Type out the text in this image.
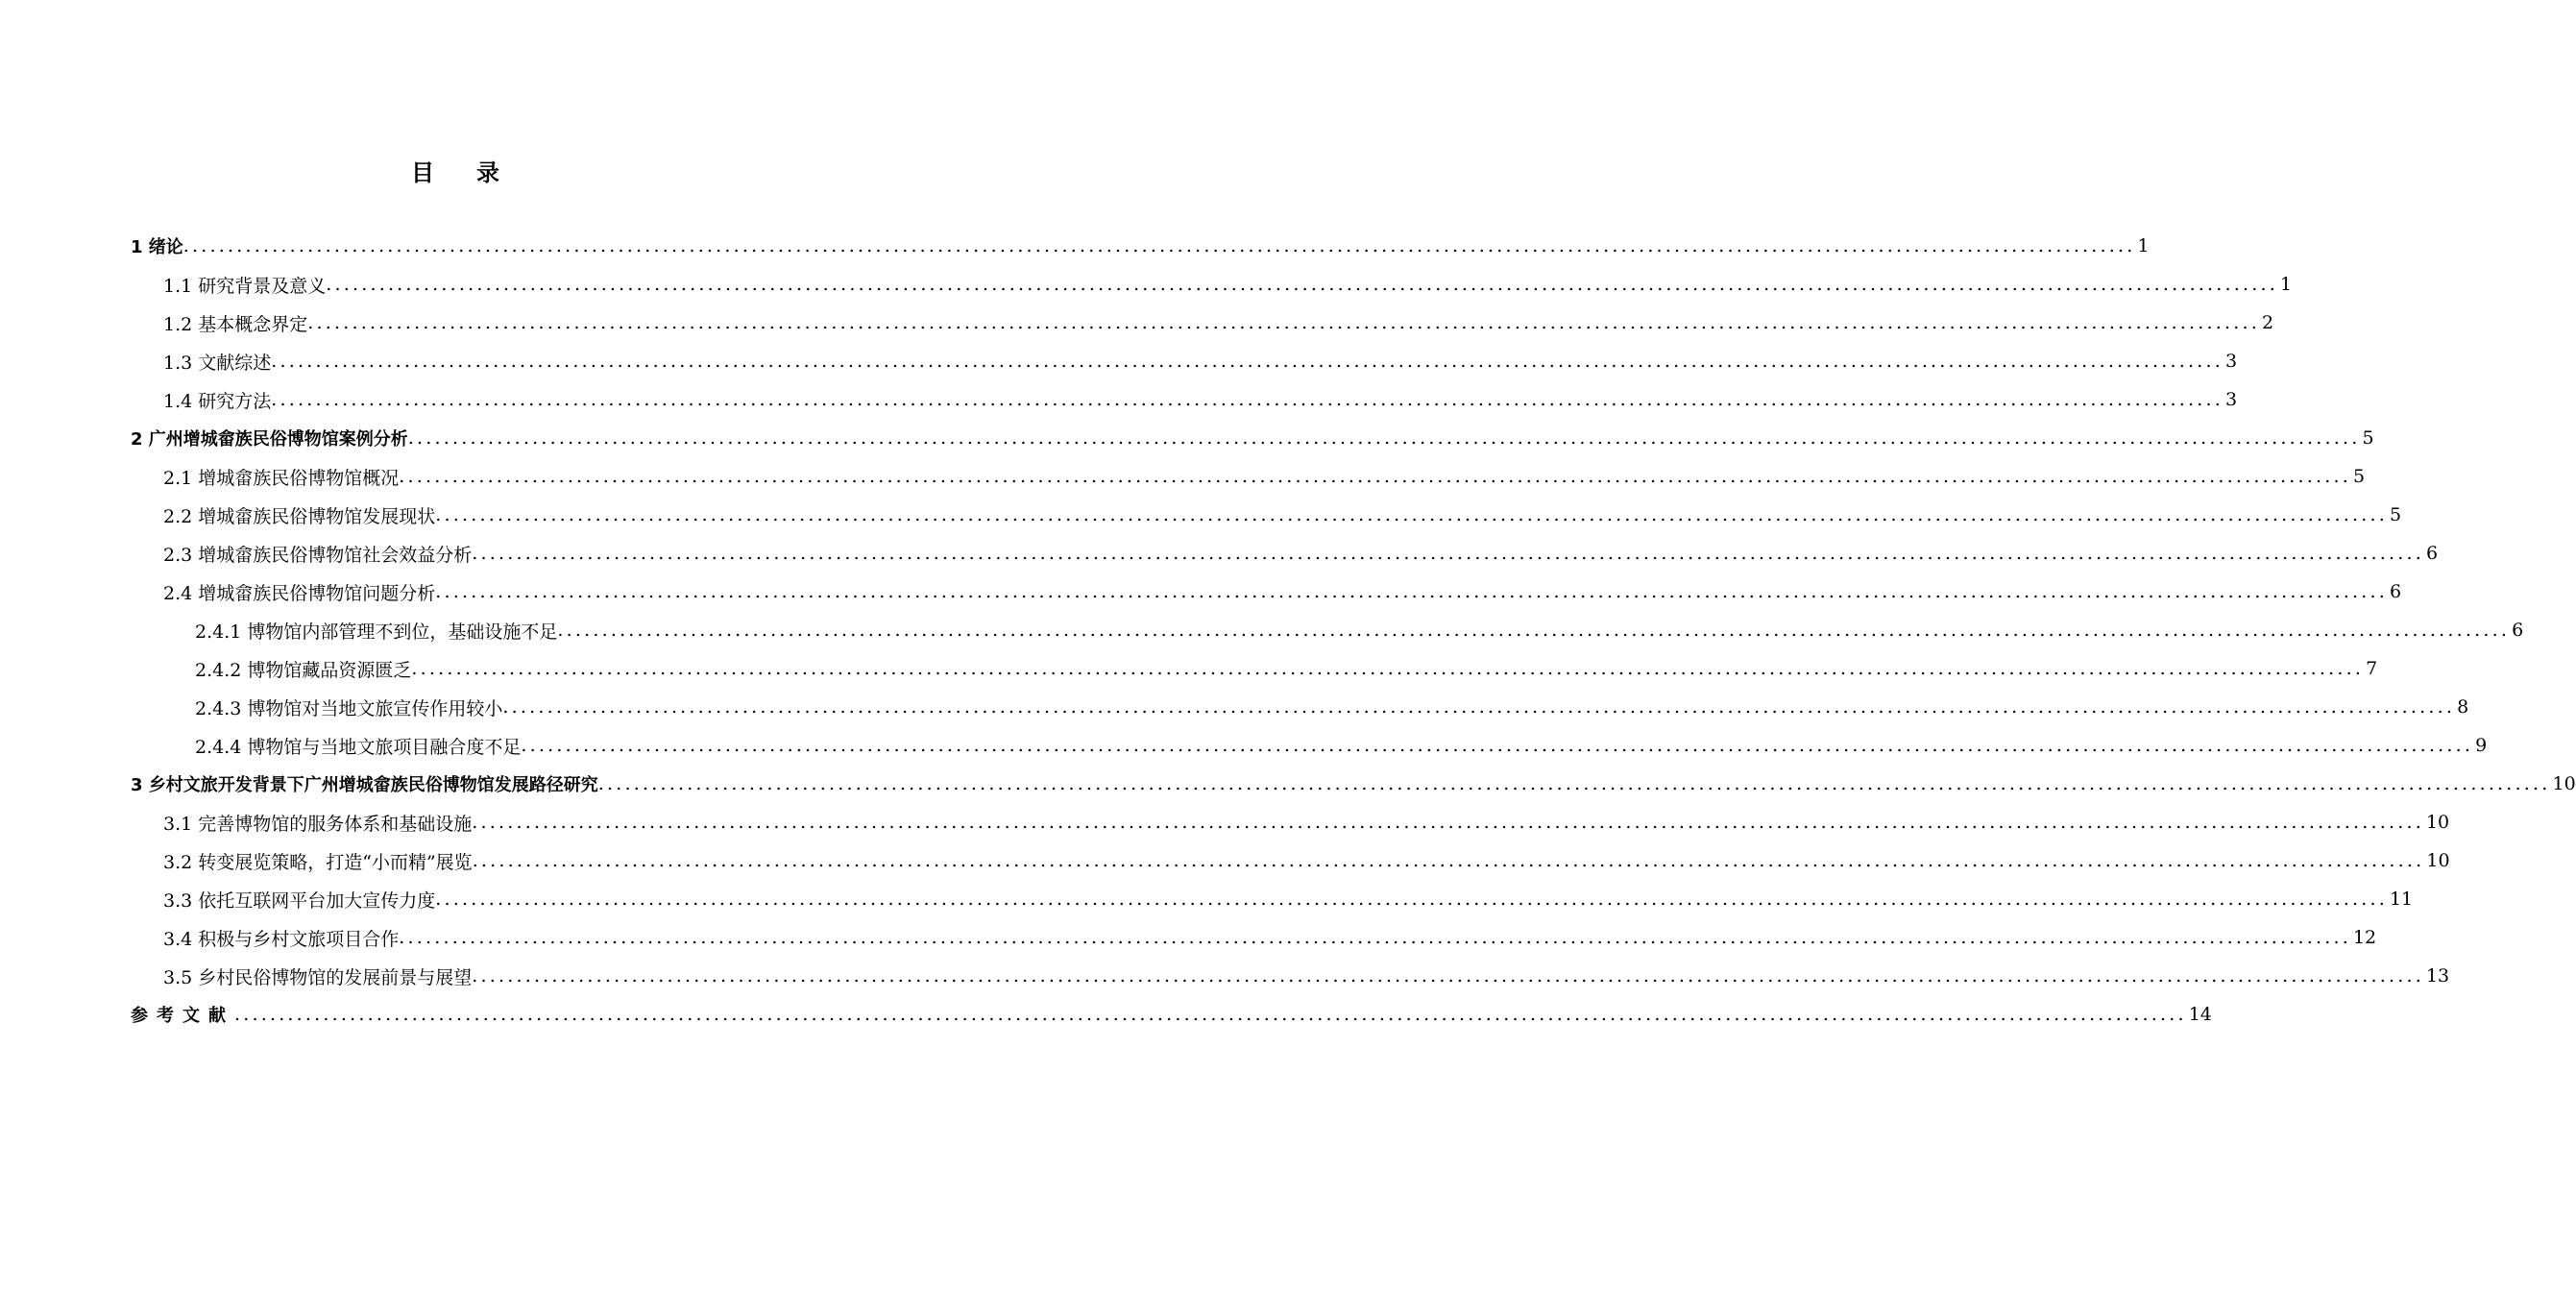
目 录
1 绪论 ............................................................................................................................................................................................................................ 1
1.1 研究背景及意义 ............................................................................................................................................................................................................................ 1
1.2 基本概念界定 ............................................................................................................................................................................................................................ 2
1.3 文献综述 ............................................................................................................................................................................................................................ 3
1.4 研究方法 ............................................................................................................................................................................................................................ 3
2 广州增城畲族民俗博物馆案例分析 ............................................................................................................................................................................................................................ 5
2.1 增城畲族民俗博物馆概况 ............................................................................................................................................................................................................................ 5
2.2 增城畲族民俗博物馆发展现状 ............................................................................................................................................................................................................................ 5
2.3 增城畲族民俗博物馆社会效益分析 ............................................................................................................................................................................................................................ 6
2.4 增城畲族民俗博物馆问题分析 ............................................................................................................................................................................................................................ 6
2.4.1 博物馆内部管理不到位，基础设施不足 ............................................................................................................................................................................................................................ 6
2.4.2 博物馆藏品资源匮乏 ............................................................................................................................................................................................................................ 7
2.4.3 博物馆对当地文旅宣传作用较小 ............................................................................................................................................................................................................................ 8
2.4.4 博物馆与当地文旅项目融合度不足 ............................................................................................................................................................................................................................ 9
3 乡村文旅开发背景下广州增城畲族民俗博物馆发展路径研究 ............................................................................................................................................................................................................................ 10
3.1 完善博物馆的服务体系和基础设施 ............................................................................................................................................................................................................................ 10
3.2 转变展览策略，打造“小而精”展览 ............................................................................................................................................................................................................................ 10
3.3 依托互联网平台加大宣传力度 ............................................................................................................................................................................................................................ 11
3.4 积极与乡村文旅项目合作 ............................................................................................................................................................................................................................ 12
3.5 乡村民俗博物馆的发展前景与展望 ............................................................................................................................................................................................................................ 13
参考文献 ............................................................................................................................................................................................................................ 14
